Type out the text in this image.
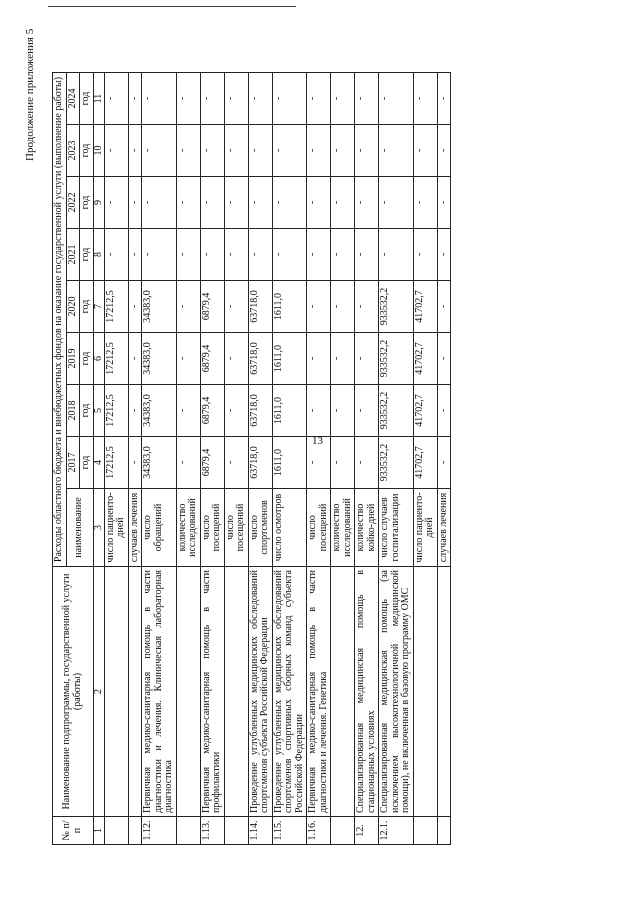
13
Продолжение приложения 5
№ п/п	Наименование подпрограммы, государственной услуги (работы)	Расходы областного бюджета и внебюджетных фондов на оказание государственной услуги (выполнение работы)								
		наименование	2017	2018	2019	2020	2021	2022	2023	2024
			год	год	год	год	год	год	год	год
1	2	3	4	5	6	7	8	9	10	11
		число пациенто-дней	17212,5	17212,5	17212,5	17212,5	-	-	-	-
		случаев лечения	-	-	-	-	-	-	-	-
1.12.	Первичная медико-санитарная помощь в части диагностики и лечения. Клиническая лабораторная диагностика	число обращений	34383,0	34383,0	34383,0	34383,0	-	-	-	-
		количество исследований	-	-	-	-	-	-	-	-
1.13.	Первичная медико-санитарная помощь в части профилактики	число посещений	6879,4	6879,4	6879,4	6879,4	-	-	-	-
		число посещений	-	-	-	-	-	-	-	-
1.14.	Проведение углубленных медицинских обследований спортсменов субъекта Российской Федерации	число спортсменов	63718,0	63718,0	63718,0	63718,0	-	-	-	-
1.15.	Проведение углубленных медицинских обследований спортсменов спортивных сборных команд субъекта Российской Федерации	число осмотров	1611,0	1611,0	1611,0	1611,0	-	-	-	-
1.16.	Первичная медико-санитарная помощь в части диагностики и лечения. Генетика	число посещений	-	-	-	-	-	-	-	-
		количество исследований	-	-	-	-	-	-	-	-
12.	Специализированная медицинская помощь в стационарных условиях	количество койко-дней	-	-	-	-	-	-	-	-
12.1.	Специализированная медицинская помощь (за исключением высокотехнологичной медицинской помощи), не включенная в базовую программу ОМС	число случаев госпитализации	933532,2	933532,2	933532,2	933532,2	-	-	-	-
		число пациенто-дней	41702,7	41702,7	41702,7	41702,7	-	-	-	-
		случаев лечения	-	-	-	-	-	-	-	-
